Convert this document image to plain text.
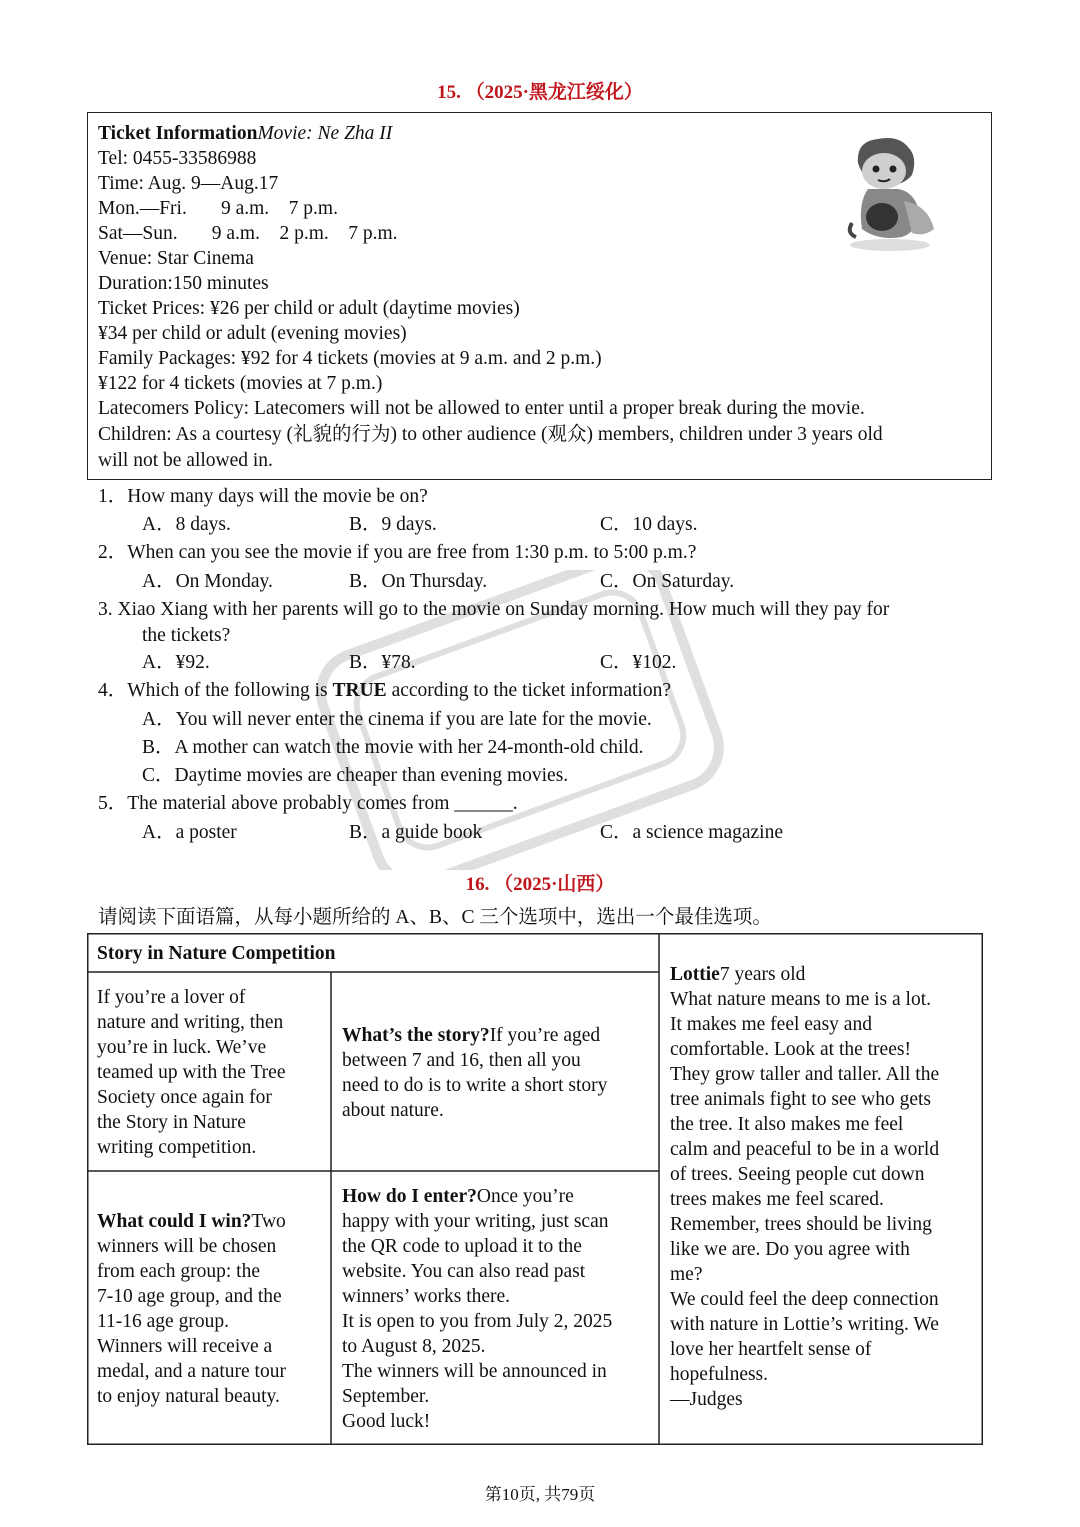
15. （2025·黑龙江绥化）
Ticket InformationMovie: Ne Zha II
Tel: 0455-33586988
Time: Aug. 9—Aug.17
Mon.—Fri.       9 a.m.    7 p.m.
Sat—Sun.       9 a.m.    2 p.m.    7 p.m.
Venue: Star Cinema
Duration:150 minutes
Ticket Prices: ¥26 per child or adult (daytime movies)
¥34 per child or adult (evening movies)
Family Packages: ¥92 for 4 tickets (movies at 9 a.m. and 2 p.m.)
¥122 for 4 tickets (movies at 7 p.m.)
Latecomers Policy: Latecomers will not be allowed to enter until a proper break during the movie.
Children: As a courtesy (礼貌的行为) to other audience (观众) members, children under 3 years old
will not be allowed in.
1．How many days will the movie be on?
A．8 days.	B．9 days.	C．10 days.
2．When can you see the movie if you are free from 1:30 p.m. to 5:00 p.m.?
A．On Monday.	B．On Thursday.	C．On Saturday.
3. Xiao Xiang with her parents will go to the movie on Sunday morning. How much will they pay for
the tickets?
A．¥92.	B．¥78.	C．¥102.
4．Which of the following is TRUE according to the ticket information?
A．You will never enter the cinema if you are late for the movie.
B．A mother can watch the movie with her 24-month-old child.
C．Daytime movies are cheaper than evening movies.
5．The material above probably comes from ______.
A．a poster	B．a guide book	C．a science magazine
16. （2025·山西）
请阅读下面语篇，从每小题所给的 A、B、C 三个选项中，选出一个最佳选项。
Story in Nature Competition
If you’re a lover of
nature and writing, then
you’re in luck. We’ve
teamed up with the Tree
Society once again for
the Story in Nature
writing competition.
What’s the story?If you’re aged
between 7 and 16, then all you
need to do is to write a short story
about nature.
What could I win?Two
winners will be chosen
from each group: the
7-10 age group, and the
11-16 age group.
Winners will receive a
medal, and a nature tour
to enjoy natural beauty.
How do I enter?Once you’re
happy with your writing, just scan
the QR code to upload it to the
website. You can also read past
winners’ works there.
It is open to you from July 2, 2025
to August 8, 2025.
The winners will be announced in
September.
Good luck!
Lottie7 years old
What nature means to me is a lot.
It makes me feel easy and
comfortable. Look at the trees!
They grow taller and taller. All the
tree animals fight to see who gets
the tree. It also makes me feel
calm and peaceful to be in a world
of trees. Seeing people cut down
trees makes me feel scared.
Remember, trees should be living
like we are. Do you agree with
me?
We could feel the deep connection
with nature in Lottie’s writing. We
love her heartfelt sense of
hopefulness.
—Judges
第10页, 共79页
